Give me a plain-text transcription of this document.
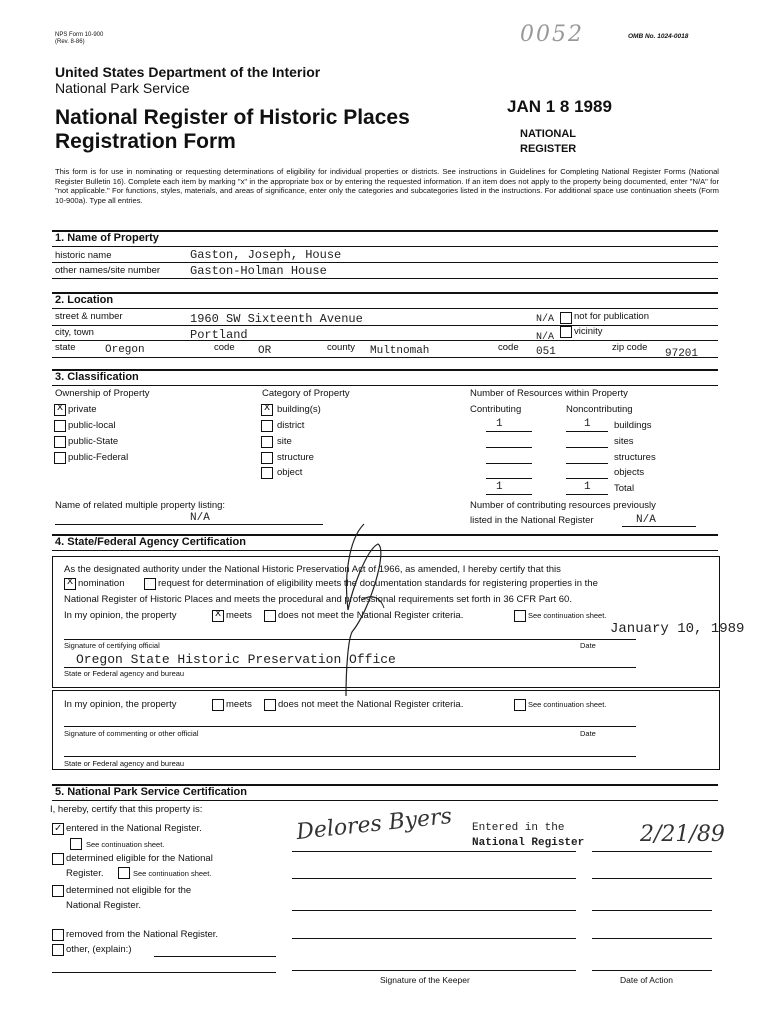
NPS Form 10-900
(Rev. 8-86)	0052	OMB No. 1024-0018
United States Department of the Interior
National Park Service
National Register of Historic Places
Registration Form
JAN 1 8 1989
NATIONAL
REGISTER
This form is for use in nominating or requesting determinations of eligibility for individual properties or districts. See instructions in Guidelines for Completing National Register Forms (National Register Bulletin 16). Complete each item by marking "x" in the appropriate box or by entering the requested information. If an item does not apply to the property being documented, enter "N/A" for "not applicable." For functions, styles, materials, and areas of significance, enter only the categories and subcategories listed in the instructions. For additional space use continuation sheets (Form 10-900a). Type all entries.
1. Name of Property
historic name	Gaston, Joseph, House
other names/site number Gaston-Holman House
2. Location
street & number	1960 SW Sixteenth Avenue	N/A not for publication
city, town	Portland	N/A
vicinity
state	Oregon	code OR	county Multnomah	code 051	zip code
97201
3. Classification
Ownership of Property
x private
public-local
public-State
public-Federal
Category of Property
x building(s)
district
site
structure
object
Number of Resources within Property
Contributing	Noncontributing
1	1 buildings
sites
structures
objects
1	1 Total
Name of related multiple property listing:
N/A
Number of contributing resources previously
listed in the National Register	N/A
4. State/Federal Agency Certification
As the designated authority under the National Historic Preservation Act of 1966, as amended, I hereby certify that this
x nomination	request for determination of eligibility meets the documentation standards for registering properties in the
National Register of Historic Places and meets the procedural and professional requirements set forth in 36 CFR Part 60.
In my opinion, the property	x meets	does not meet the National Register criteria.	See continuation sheet.
January 10, 1989
Signature of certifying official	Date
Oregon State Historic Preservation Office
State or Federal agency and bureau
In my opinion, the property	meets	does not meet the National Register criteria.	See continuation sheet.
Signature of commenting or other official	Date
State or Federal agency and bureau
5. National Park Service Certification
I, hereby, certify that this property is:
✓ entered in the National Register.
See continuation sheet.
determined eligible for the National
Register.	See continuation sheet.
determined not eligible for the
National Register.
removed from the National Register.
other, (explain:)
Delores Byers Entered in the
National Register	2/21/89
Signature of the Keeper	Date of Action
